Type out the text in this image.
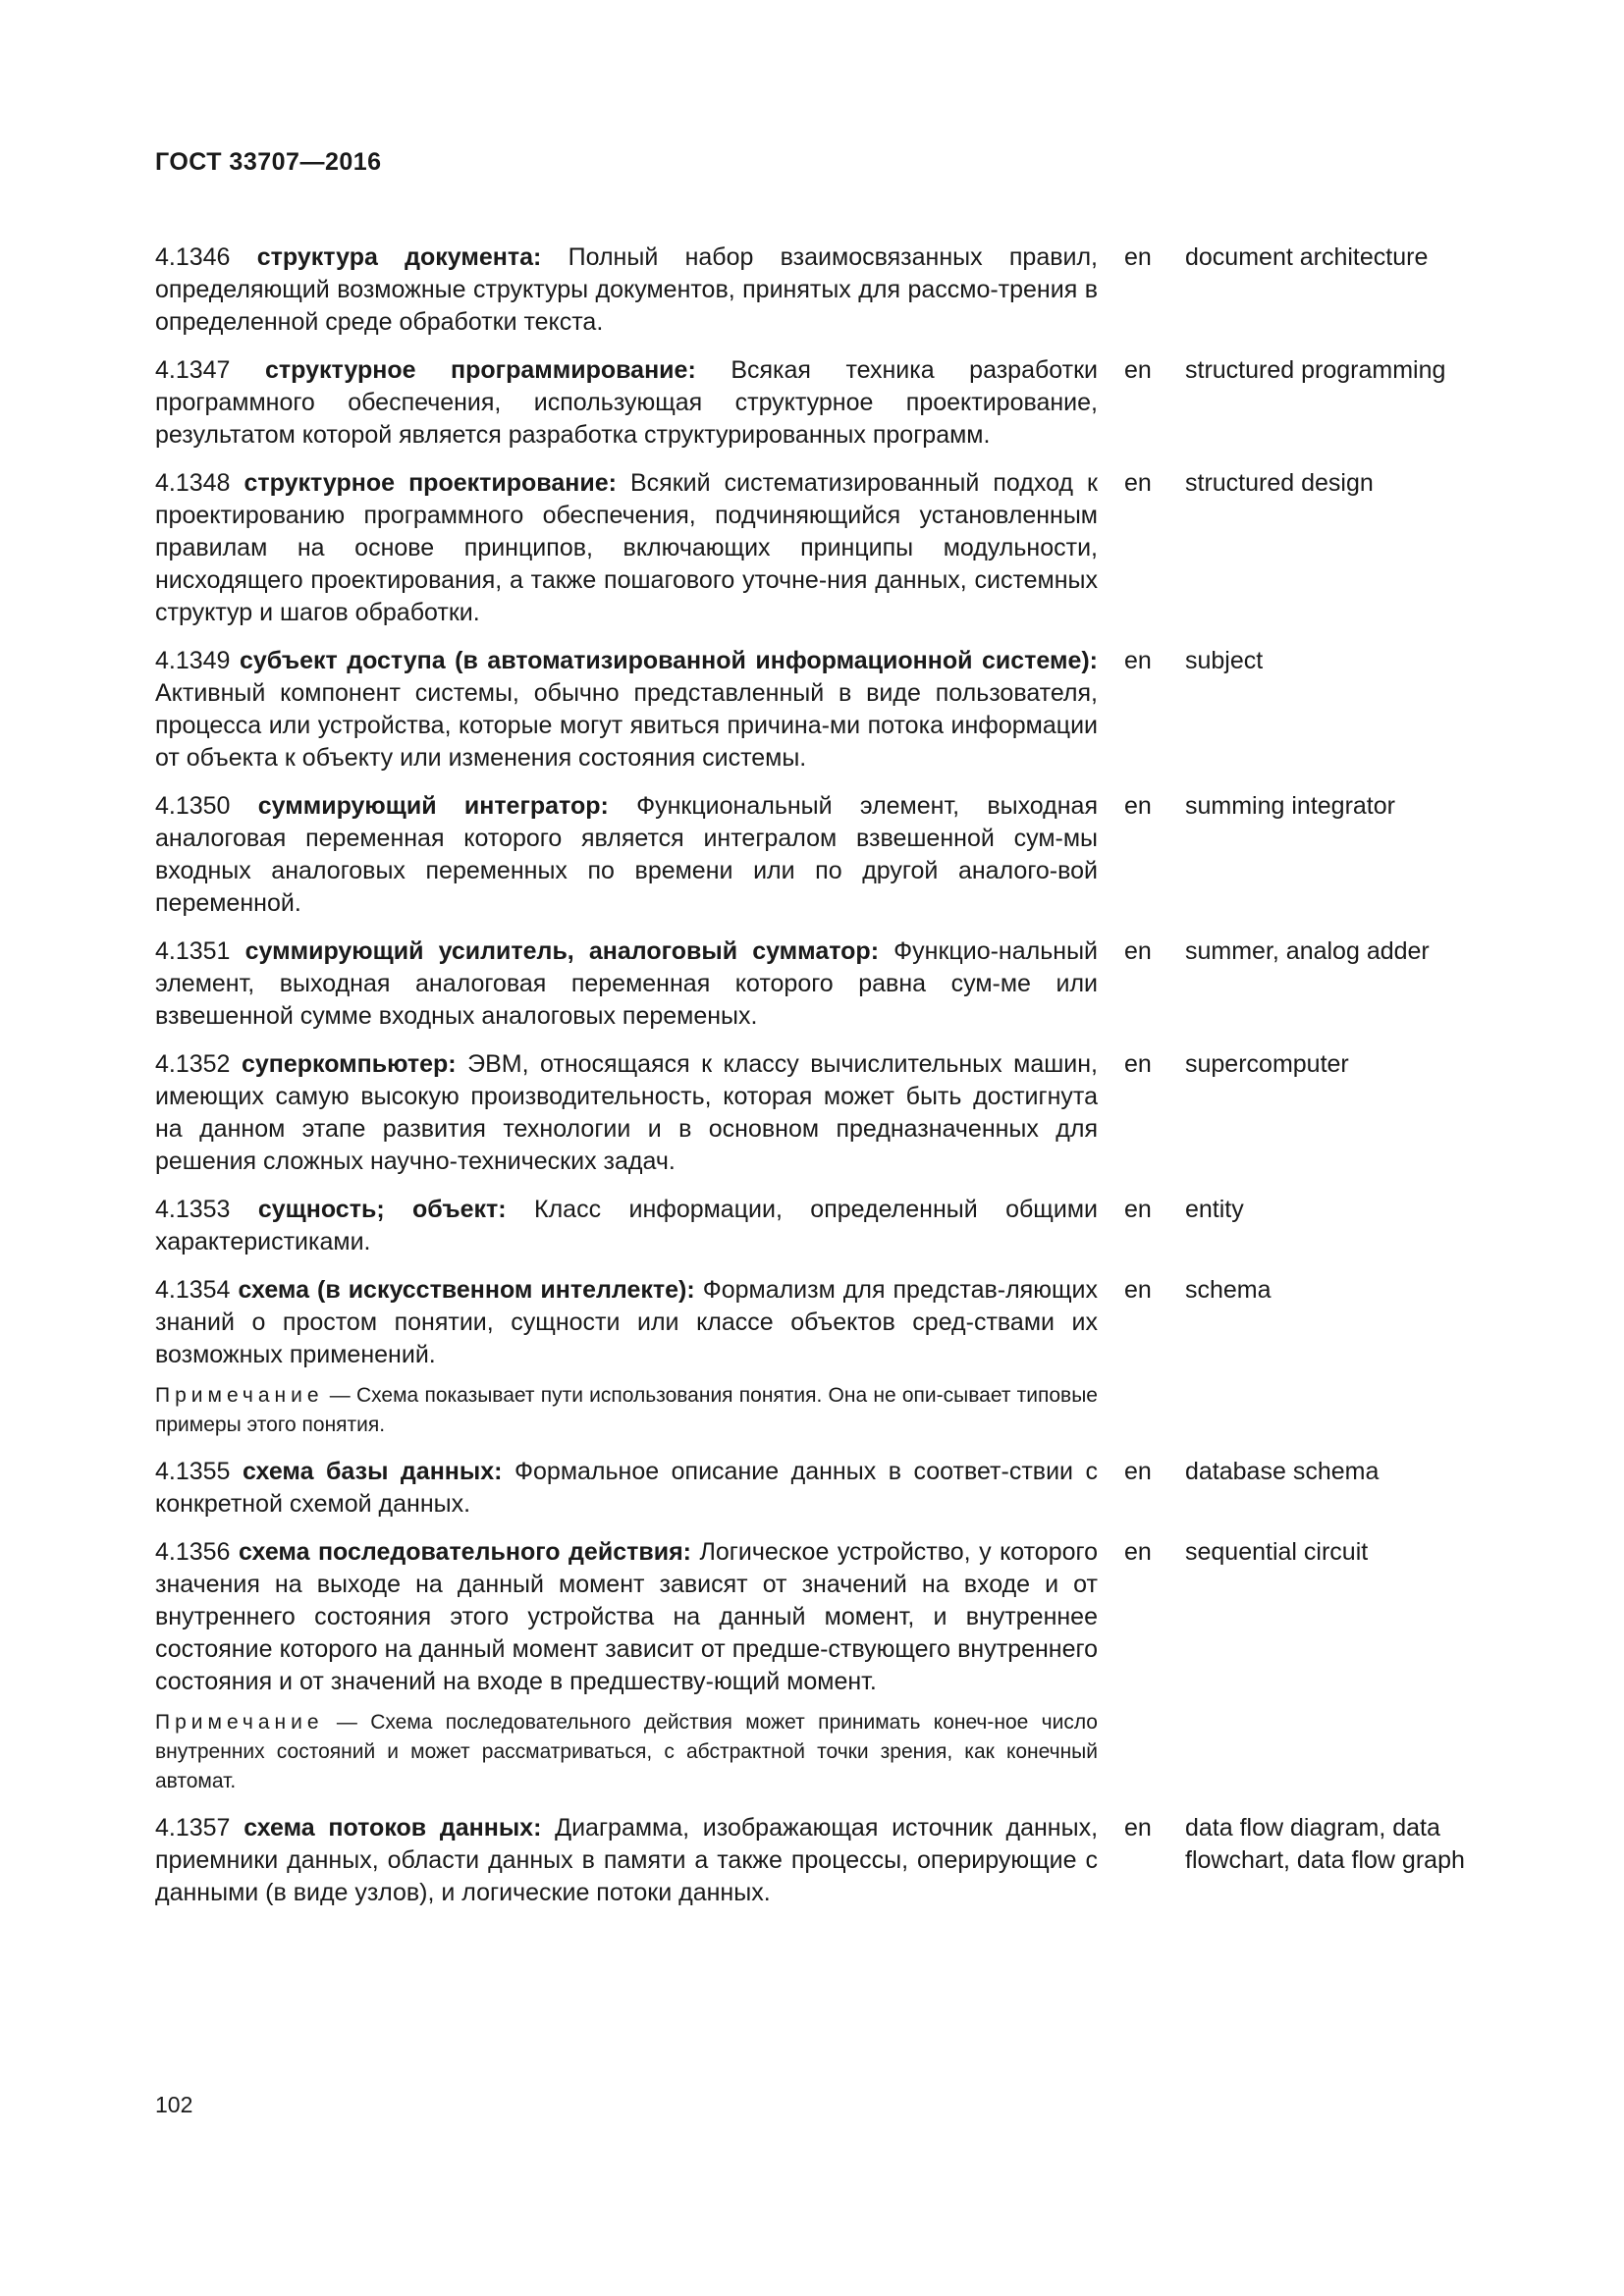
ГОСТ 33707—2016
4.1346 структура документа: Полный набор взаимосвязанных правил, определяющий возможные структуры документов, принятых для рассмо-трения в определенной среде обработки текста.
en	document architecture
4.1347 структурное программирование: Всякая техника разработки программного обеспечения, использующая структурное проектирование, результатом которой является разработка структурированных программ.
en	structured programming
4.1348 структурное проектирование: Всякий систематизированный подход к проектированию программного обеспечения, подчиняющийся установленным правилам на основе принципов, включающих принципы модульности, нисходящего проектирования, а также пошагового уточне-ния данных, системных структур и шагов обработки.
en	structured design
4.1349 субъект доступа (в автоматизированной информационной системе): Активный компонент системы, обычно представленный в виде пользователя, процесса или устройства, которые могут явиться причина-ми потока информации от объекта к объекту или изменения состояния системы.
en	subject
4.1350 суммирующий интегратор: Функциональный элемент, выходная аналоговая переменная которого является интегралом взвешенной сум-мы входных аналоговых переменных по времени или по другой аналого-вой переменной.
en	summing integrator
4.1351 суммирующий усилитель, аналоговый сумматор: Функцио-нальный элемент, выходная аналоговая переменная которого равна сум-ме или взвешенной сумме входных аналоговых переменых.
en	summer, analog adder
4.1352 суперкомпьютер: ЭВМ, относящаяся к классу вычислительных машин, имеющих самую высокую производительность, которая может быть достигнута на данном этапе развития технологии и в основном предназначенных для решения сложных научно-технических задач.
en	supercomputer
4.1353 сущность; объект: Класс информации, определенный общими характеристиками.
en	entity
4.1354 схема (в искусственном интеллекте): Формализм для представ-ляющих знаний о простом понятии, сущности или классе объектов сред-ствами их возможных применений.
en	schema
Примечание — Схема показывает пути использования понятия. Она не опи-сывает типовые примеры этого понятия.
4.1355 схема базы данных: Формальное описание данных в соответ-ствии с конкретной схемой данных.
en	database schema
4.1356 схема последовательного действия: Логическое устройство, у которого значения на выходе на данный момент зависят от значений на входе и от внутреннего состояния этого устройства на данный момент, и внутреннее состояние которого на данный момент зависит от предше-ствующего внутреннего состояния и от значений на входе в предшеству-ющий момент.
en	sequential circuit
Примечание — Схема последовательного действия может принимать конеч-ное число внутренних состояний и может рассматриваться, с абстрактной точки зрения, как конечный автомат.
4.1357 схема потоков данных: Диаграмма, изображающая источник данных, приемники данных, области данных в памяти а также процессы, оперирующие с данными (в виде узлов), и логические потоки данных.
en	data flow diagram, data flowchart, data flow graph
102
